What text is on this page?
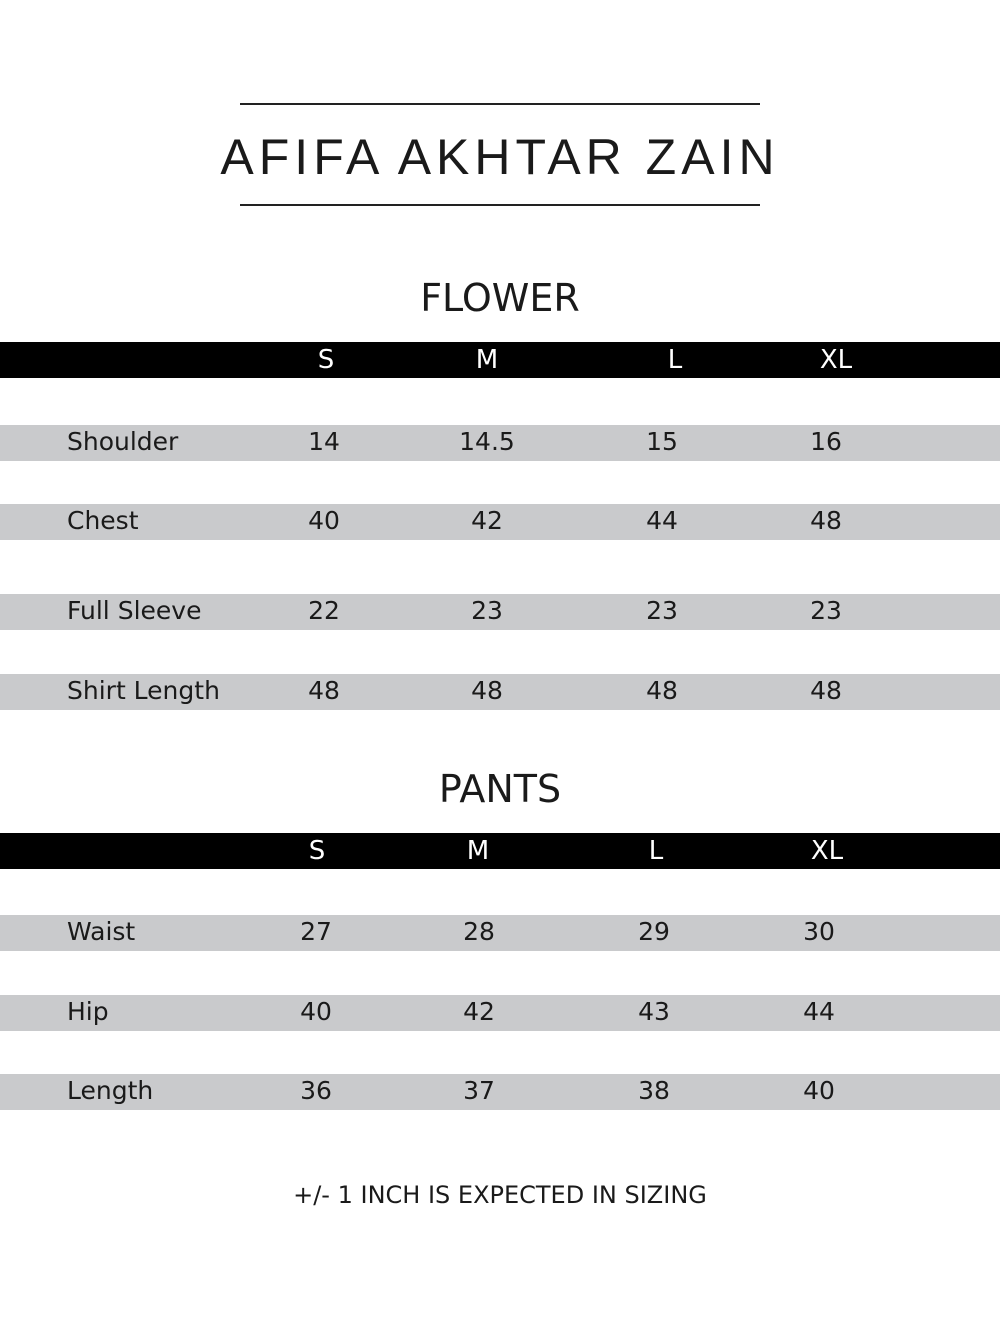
AFIFA AKHTAR ZAIN
FLOWER
S	M	L	XL
Shoulder	14	14.5	15	16
Chest	40	42	44	48
Full Sleeve	22	23	23	23
Shirt Length	48	48	48	48
PANTS
S	M	L	XL
Waist	27	28	29	30
Hip	40	42	43	44
Length	36	37	38	40
+/- 1 INCH IS EXPECTED IN SIZING
